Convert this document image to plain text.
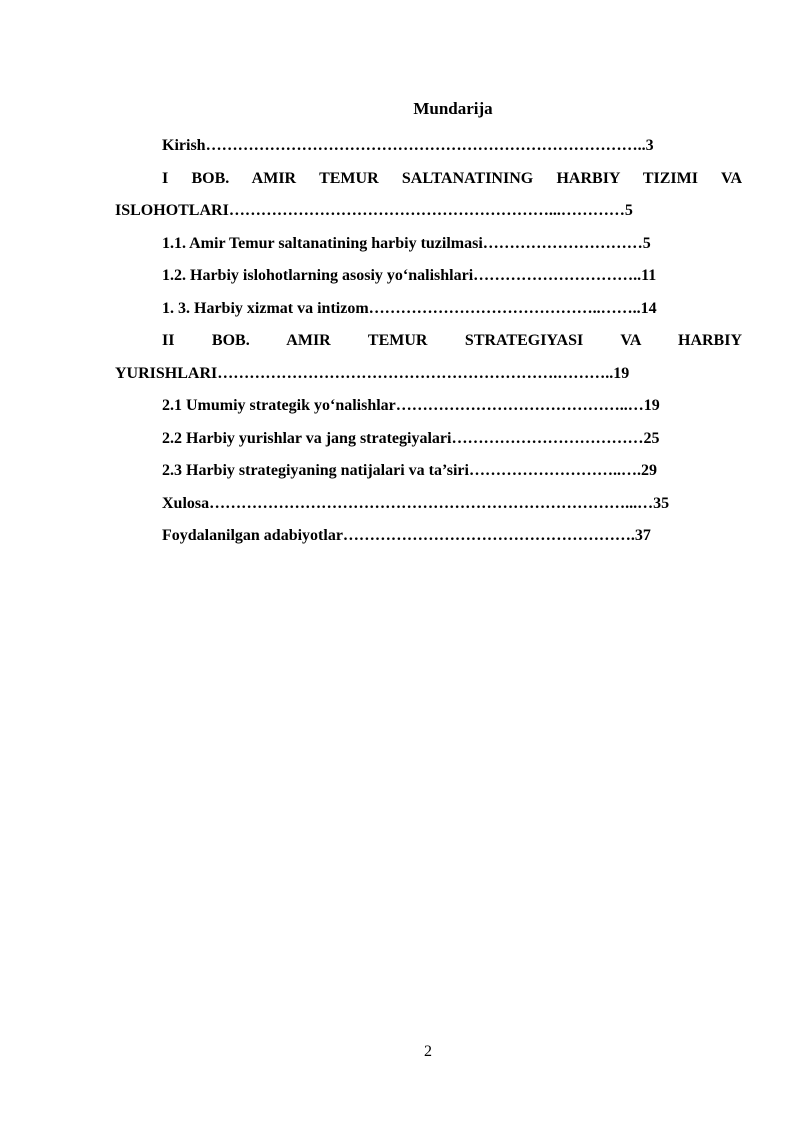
Mundarija
Kirish………………………………………………………………………..3
I BOB. AMIR TEMUR SALTANATINING HARBIY TIZIMI VA
ISLOHOTLARI……………………………………………………...…………5
1.1. Amir Temur saltanatining harbiy tuzilmasi…………………………5
1.2. Harbiy islohotlarning asosiy yo‘nalishlari…………………………..11
1. 3. Harbiy xizmat va intizom……………………………………..……..14
II BOB. AMIR TEMUR STRATEGIYASI VA HARBIY
YURISHLARI……………………………………………………….………..19
2.1 Umumiy strategik yo‘nalishlar……………………………………..…19
2.2 Harbiy yurishlar va jang strategiyalari………………………………25
2.3 Harbiy strategiyaning natijalari va ta’siri………………………..….29
Xulosa……………………………………………………………………...…35
Foydalanilgan adabiyotlar……………………………………………….37
2
